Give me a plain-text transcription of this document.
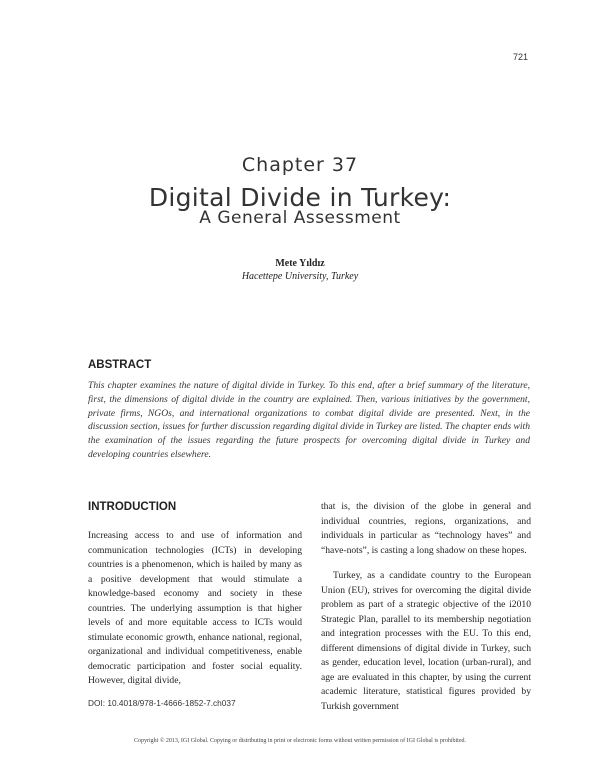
721
Chapter 37
Digital Divide in Turkey:
A General Assessment
Mete Yıldız
Hacettepe University, Turkey
ABSTRACT
This chapter examines the nature of digital divide in Turkey. To this end, after a brief summary of the literature, first, the dimensions of digital divide in the country are explained. Then, various initiatives by the government, private firms, NGOs, and international organizations to combat digital divide are presented. Next, in the discussion section, issues for further discussion regarding digital divide in Turkey are listed. The chapter ends with the examination of the issues regarding the future prospects for overcoming digital divide in Turkey and developing countries elsewhere.
INTRODUCTION

Increasing access to and use of information and communication technologies (ICTs) in developing countries is a phenomenon, which is hailed by many as a positive development that would stimulate a knowledge-based economy and society in these countries. The underlying assumption is that higher levels of and more equitable access to ICTs would stimulate economic growth, enhance national, regional, organizational and individual competitiveness, enable democratic participation and foster social equality. However, digital divide,

that is, the division of the globe in general and individual countries, regions, organizations, and individuals in particular as “technology haves” and “have-nots”, is casting a long shadow on these hopes.

Turkey, as a candidate country to the European Union (EU), strives for overcoming the digital divide problem as part of a strategic objective of the i2010 Strategic Plan, parallel to its membership negotiation and integration processes with the EU. To this end, different dimensions of digital divide in Turkey, such as gender, education level, location (urban-rural), and age are evaluated in this chapter, by using the current academic literature, statistical figures provided by Turkish government

DOI: 10.4018/978-1-4666-1852-7.ch037
Copyright © 2013, IGI Global. Copying or distributing in print or electronic forms without written permission of IGI Global is prohibited.
